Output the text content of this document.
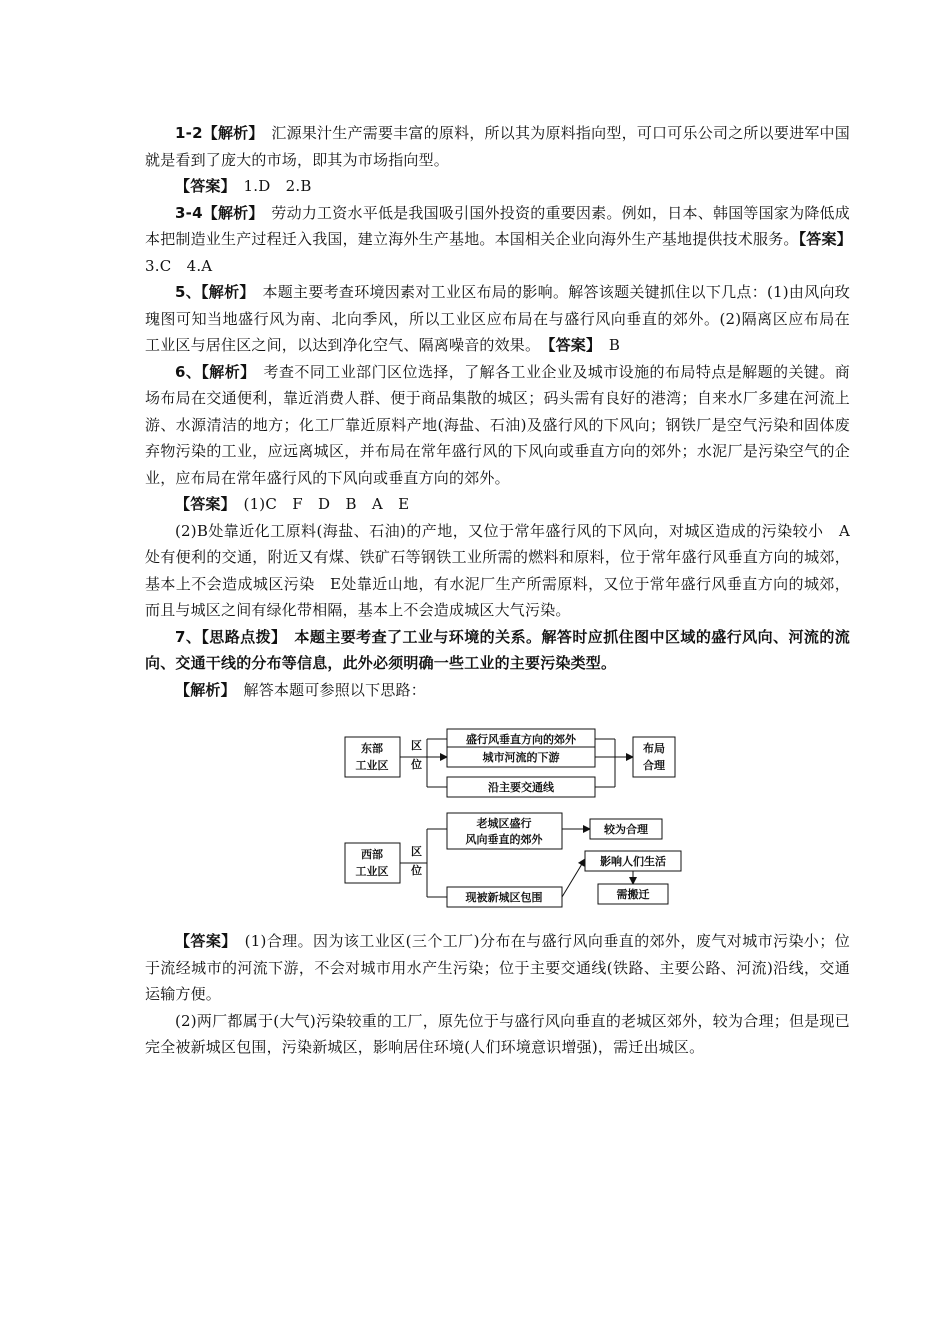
1-2【解析】　汇源果汁生产需要丰富的原料，所以其为原料指向型，可口可乐公司之所以要进军中国就是看到了庞大的市场，即其为市场指向型。

【答案】　1.D　2.B

3-4【解析】　劳动力工资水平低是我国吸引国外投资的重要因素。例如，日本、韩国等国家为降低成本把制造业生产过程迁入我国，建立海外生产基地。本国相关企业向海外生产基地提供技术服务。【答案】　3.C　4.A

5、【解析】　本题主要考查环境因素对工业区布局的影响。解答该题关键抓住以下几点：(1)由风向玫瑰图可知当地盛行风为南、北向季风，所以工业区应布局在与盛行风向垂直的郊外。(2)隔离区应布局在工业区与居住区之间，以达到净化空气、隔离噪音的效果。　 【答案】　B

6、【解析】　考查不同工业部门区位选择，了解各工业企业及城市设施的布局特点是解题的关键。商场布局在交通便利，靠近消费人群、便于商品集散的城区；码头需有良好的港湾；自来水厂多建在河流上游、水源清洁的地方；化工厂靠近原料产地(海盐、石油)及盛行风的下风向；钢铁厂是空气污染和固体废弃物污染的工业，应远离城区，并布局在常年盛行风的下风向或垂直方向的郊外；水泥厂是污染空气的企业，应布局在常年盛行风的下风向或垂直方向的郊外。

【答案】　(1)C　F　D　B　A　E

(2)B处靠近化工原料(海盐、石油)的产地，又位于常年盛行风的下风向，对城区造成的污染较小　A处有便利的交通，附近又有煤、铁矿石等钢铁工业所需的燃料和原料，位于常年盛行风垂直方向的城郊，基本上不会造成城区污染　E处靠近山地，有水泥厂生产所需原料，又位于常年盛行风垂直方向的城郊，而且与城区之间有绿化带相隔，基本上不会造成城区大气污染。

7、【思路点拨】　本题主要考查了工业与环境的关系。解答时应抓住图中区域的盛行风向、河流的流向、交通干线的分布等信息，此外必须明确一些工业的主要污染类型。

【解析】　解答本题可参照以下思路：

东部
工业区
区
位
盛行风垂直方向的郊外
城市河流的下游
沿主要交通线
布局
合理
西部
工业区
区
位
老城区盛行
风向垂直的郊外
现被新城区包围
较为合理
影响人们生活
需搬迁

【答案】　(1)合理。因为该工业区(三个工厂)分布在与盛行风向垂直的郊外，废气对城市污染小；位于流经城市的河流下游，不会对城市用水产生污染；位于主要交通线(铁路、主要公路、河流)沿线，交通运输方便。

(2)两厂都属于(大气)污染较重的工厂，原先位于与盛行风向垂直的老城区郊外，较为合理；但是现已完全被新城区包围，污染新城区，影响居住环境(人们环境意识增强)，需迁出城区。
